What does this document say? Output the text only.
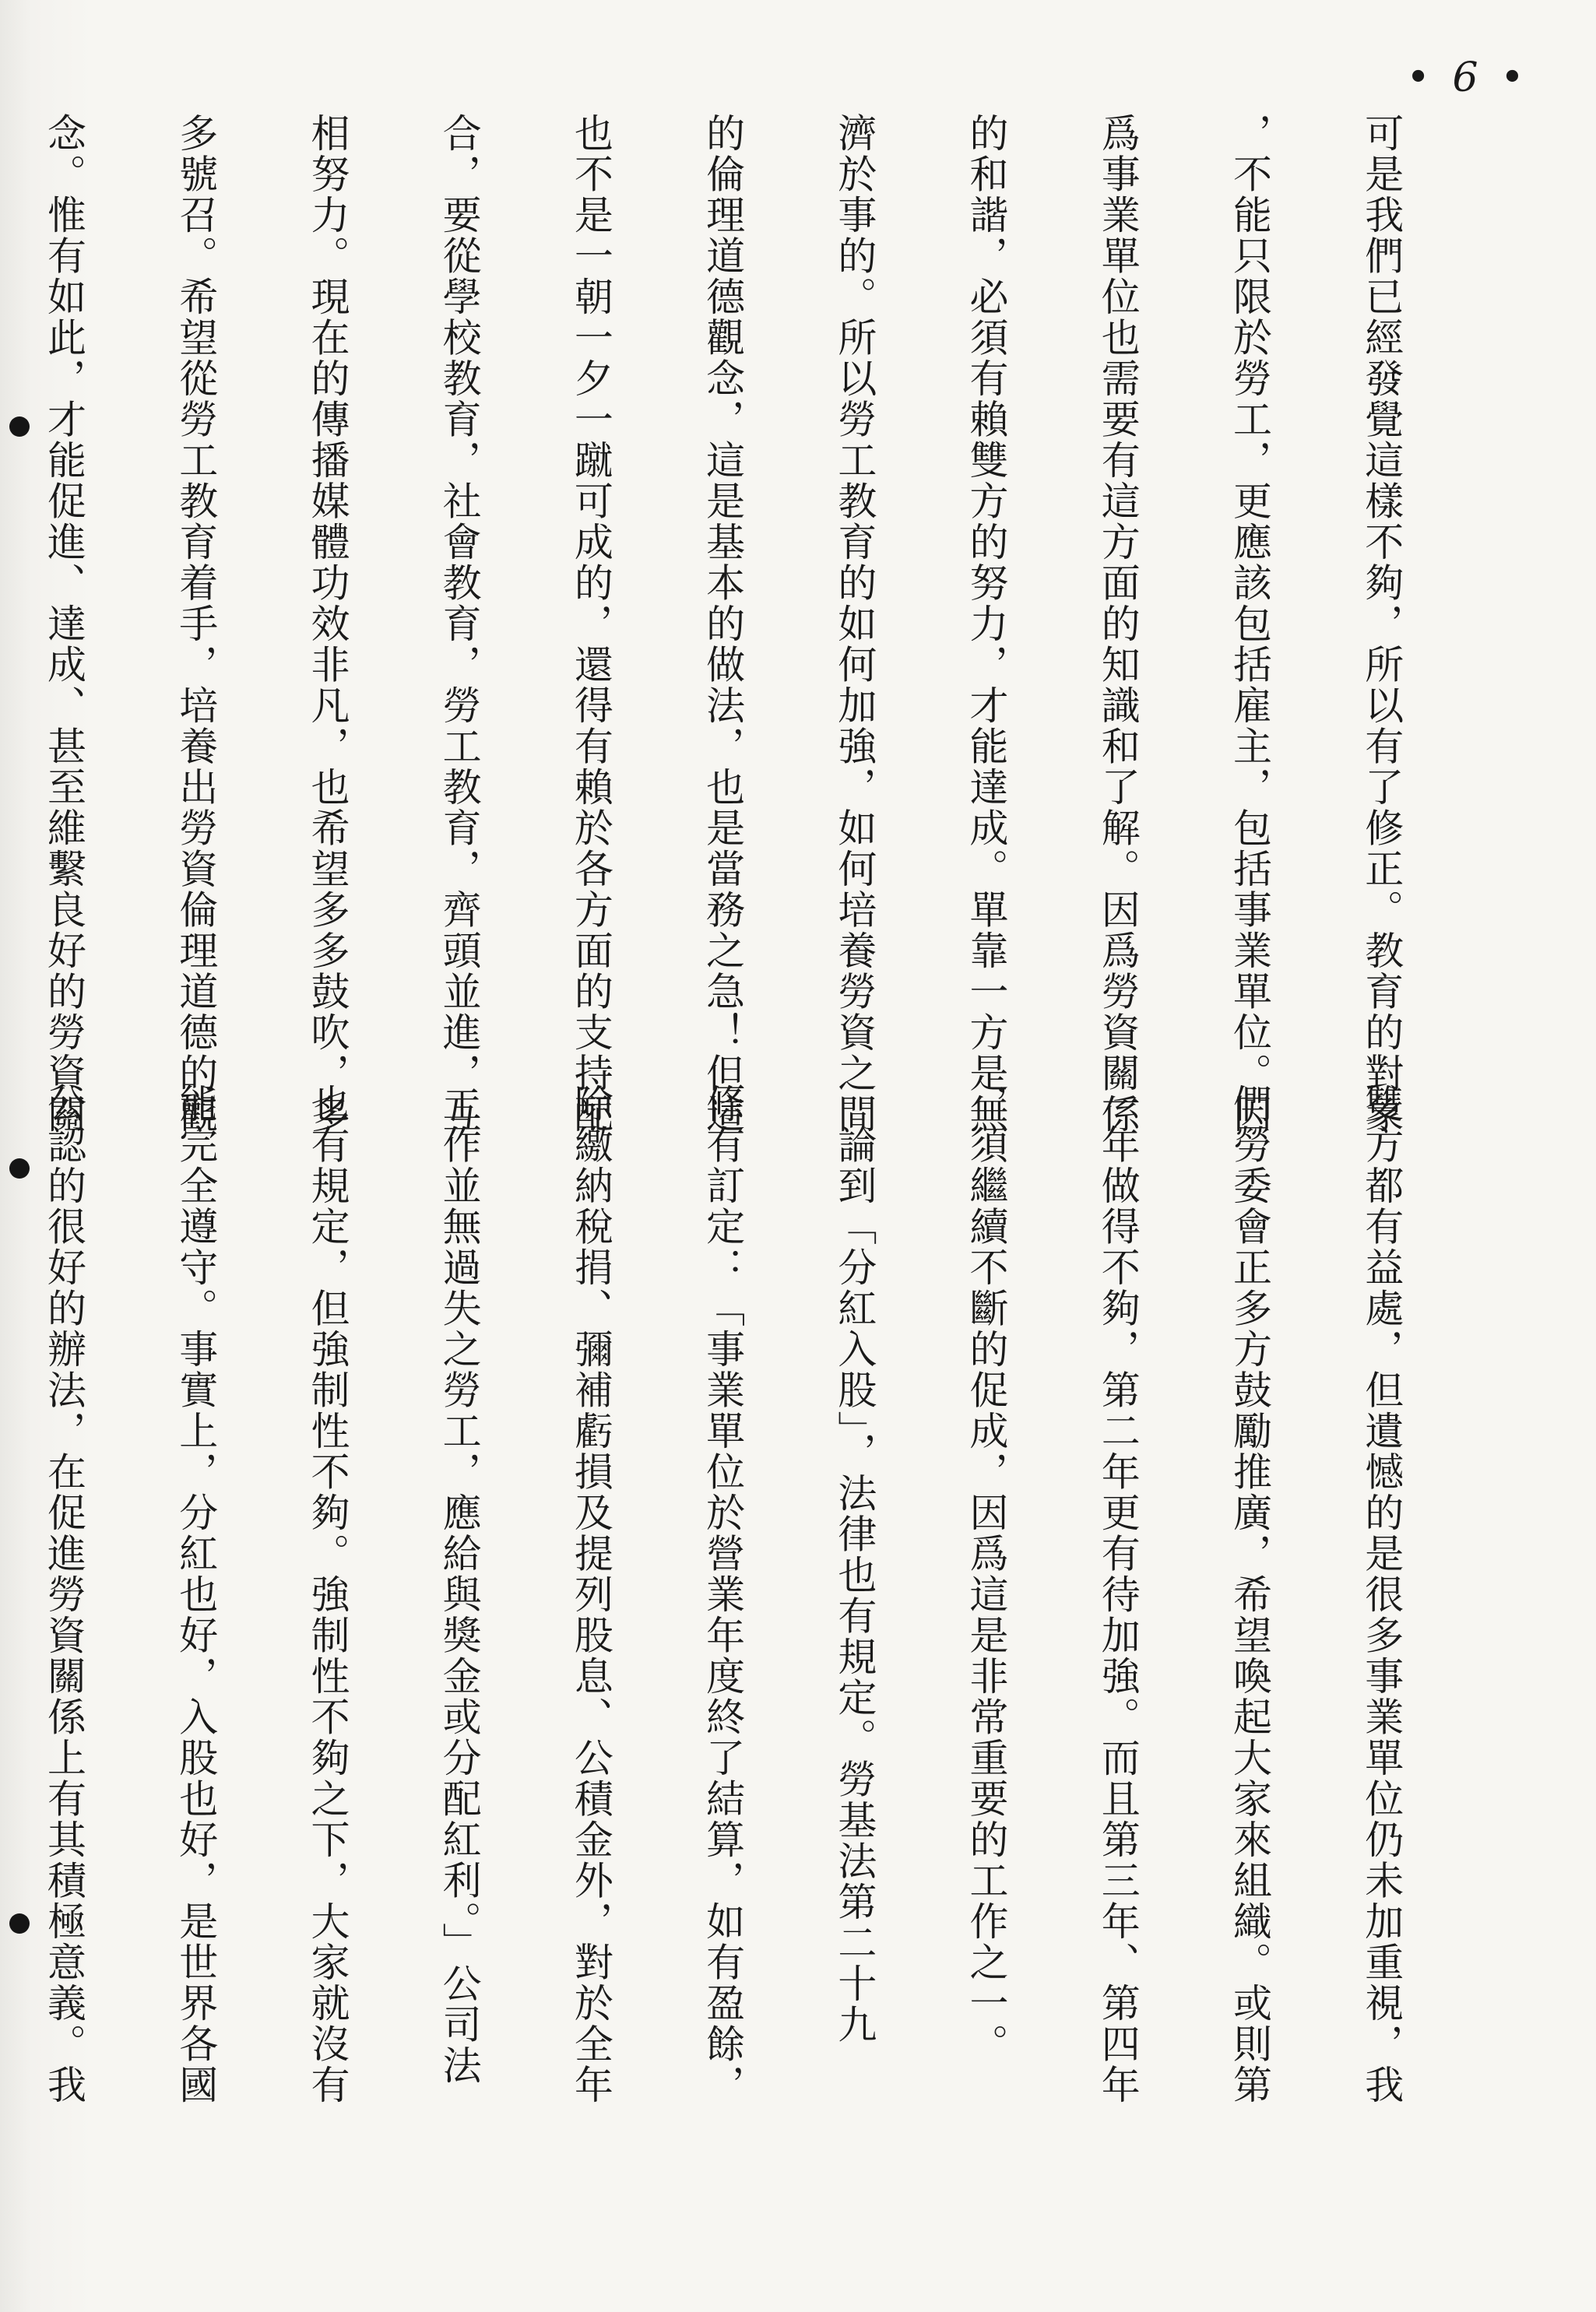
• 6 •

可是我們已經發覺這樣不夠，所以有了修正。教育的對象

，不能只限於勞工，更應該包括雇主，包括事業單位。因

爲事業單位也需要有這方面的知識和了解。因爲勞資關係

的和諧，必須有賴雙方的努力，才能達成。單靠一方是無

濟於事的。所以勞工教育的如何加強，如何培養勞資之間

的倫理道德觀念，這是基本的做法，也是當務之急！但這

也不是一朝一夕一蹴可成的，還得有賴於各方面的支持配

合，要從學校教育，社會教育，勞工教育，齊頭並進，互

相努力。現在的傳播媒體功效非凡，也希望多多鼓吹，多

多號召。希望從勞工教育着手，培養出勞資倫理道德的觀

念。惟有如此，才能促進、達成、甚至維繫良好的勞資關

雙方都有益處，但遺憾的是很多事業單位仍未加重視，我

們勞委會正多方鼓勵推廣，希望喚起大家來組織。或則第

一年做得不夠，第二年更有待加強。而且第三年、第四年

，須繼續不斷的促成，因爲這是非常重要的工作之一。

　論到「分紅入股」，法律也有規定。勞基法第二十九

條有訂定：「事業單位於營業年度終了結算，如有盈餘，

除繳納稅捐、彌補虧損及提列股息、公積金外，對於全年

工作並無過失之勞工，應給與獎金或分配紅利。」公司法

也有規定，但強制性不夠。強制性不夠之下，大家就沒有

能完全遵守。事實上，分紅也好，入股也好，是世界各國

公認的很好的辦法，在促進勞資關係上有其積極意義。我
